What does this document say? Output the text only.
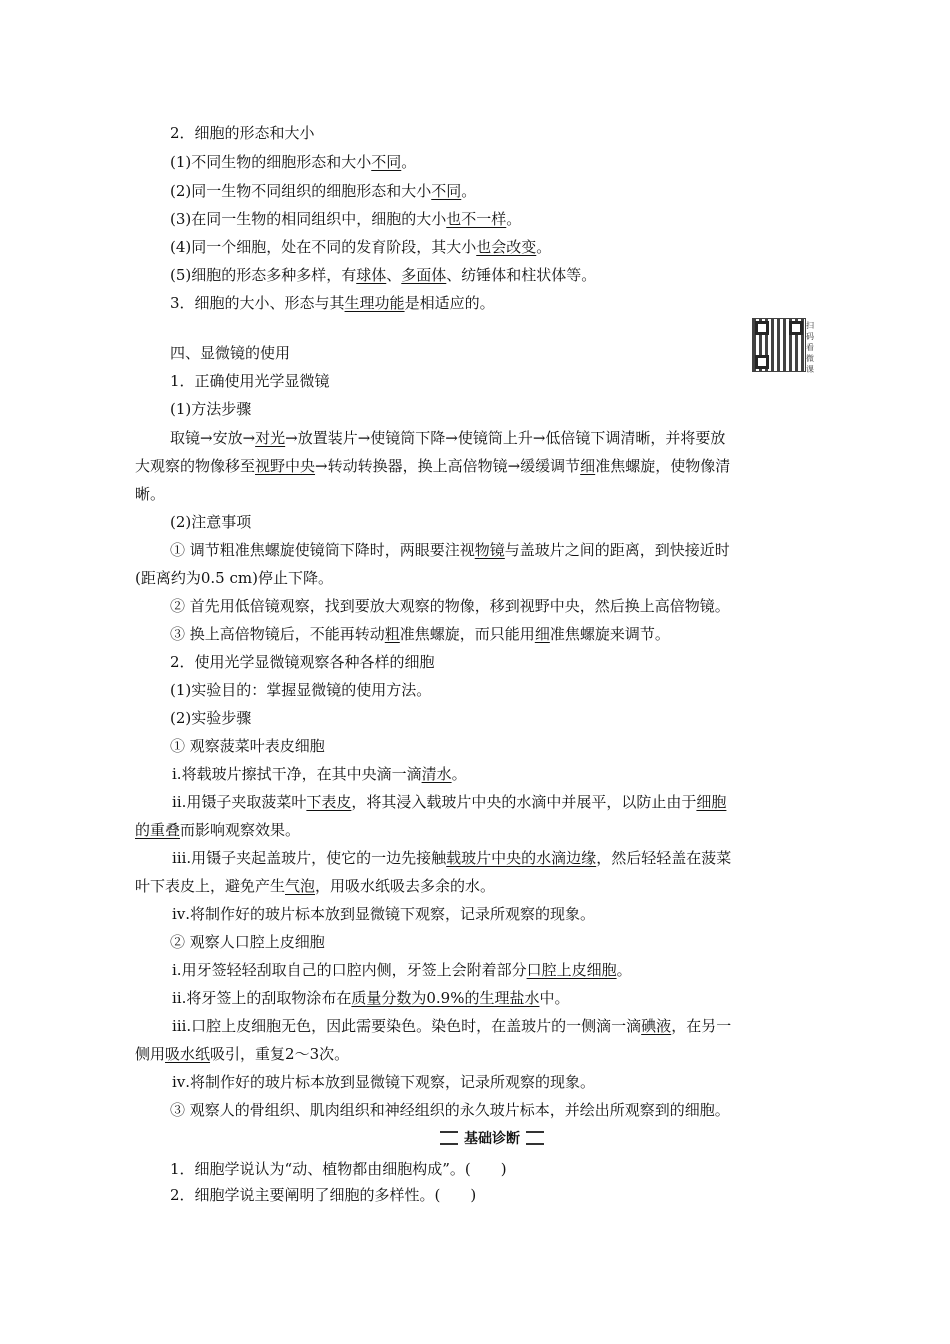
2．细胞的形态和大小
(1)不同生物的细胞形态和大小不同。
(2)同一生物不同组织的细胞形态和大小不同。
(3)在同一生物的相同组织中，细胞的大小也不一样。
(4)同一个细胞，处在不同的发育阶段，其大小也会改变。
(5)细胞的形态多种多样，有球体、多面体、纺锤体和柱状体等。
3．细胞的大小、形态与其生理功能是相适应的。
扫码看微课
四、显微镜的使用
1．正确使用光学显微镜
(1)方法步骤
取镜→安放→对光→放置装片→使镜筒下降→使镜筒上升→低倍镜下调清晰，并将要放
大观察的物像移至视野中央→转动转换器，换上高倍物镜→缓缓调节细准焦螺旋，使物像清
晰。
(2)注意事项
① 调节粗准焦螺旋使镜筒下降时，两眼要注视物镜与盖玻片之间的距离，到快接近时
(距离约为0.5 cm)停止下降。
② 首先用低倍镜观察，找到要放大观察的物像，移到视野中央，然后换上高倍物镜。
③ 换上高倍物镜后，不能再转动粗准焦螺旋，而只能用细准焦螺旋来调节。
2．使用光学显微镜观察各种各样的细胞
(1)实验目的：掌握显微镜的使用方法。
(2)实验步骤
① 观察菠菜叶表皮细胞
ⅰ.将载玻片擦拭干净，在其中央滴一滴清水。
ⅱ.用镊子夹取菠菜叶下表皮，将其浸入载玻片中央的水滴中并展平，以防止由于细胞
的重叠而影响观察效果。
ⅲ.用镊子夹起盖玻片，使它的一边先接触载玻片中央的水滴边缘，然后轻轻盖在菠菜
叶下表皮上，避免产生气泡，用吸水纸吸去多余的水。
ⅳ.将制作好的玻片标本放到显微镜下观察，记录所观察的现象。
② 观察人口腔上皮细胞
ⅰ.用牙签轻轻刮取自己的口腔内侧，牙签上会附着部分口腔上皮细胞。
ⅱ.将牙签上的刮取物涂布在质量分数为0.9%的生理盐水中。
ⅲ.口腔上皮细胞无色，因此需要染色。染色时，在盖玻片的一侧滴一滴碘液，在另一
侧用吸水纸吸引，重复2～3次。
ⅳ.将制作好的玻片标本放到显微镜下观察，记录所观察的现象。
③ 观察人的骨组织、肌肉组织和神经组织的永久玻片标本，并绘出所观察到的细胞。
基础诊断
1．细胞学说认为“动、植物都由细胞构成”。( )
2．细胞学说主要阐明了细胞的多样性。( )
